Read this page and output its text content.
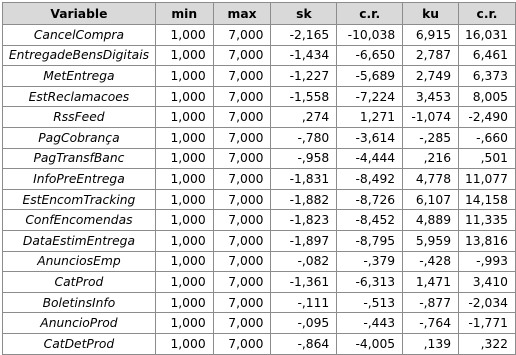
Variable	min	max	sk	c.r.	ku	c.r.
CancelCompra	1,000	7,000	-2,165	-10,038	6,915	16,031
EntregadeBensDigitais	1,000	7,000	-1,434	-6,650	2,787	6,461
MetEntrega	1,000	7,000	-1,227	-5,689	2,749	6,373
EstReclamacoes	1,000	7,000	-1,558	-7,224	3,453	8,005
RssFeed	1,000	7,000	,274	1,271	-1,074	-2,490
PagCobrança	1,000	7,000	-,780	-3,614	-,285	-,660
PagTransfBanc	1,000	7,000	-,958	-4,444	,216	,501
InfoPreEntrega	1,000	7,000	-1,831	-8,492	4,778	11,077
EstEncomTracking	1,000	7,000	-1,882	-8,726	6,107	14,158
ConfEncomendas	1,000	7,000	-1,823	-8,452	4,889	11,335
DataEstimEntrega	1,000	7,000	-1,897	-8,795	5,959	13,816
AnunciosEmp	1,000	7,000	-,082	-,379	-,428	-,993
CatProd	1,000	7,000	-1,361	-6,313	1,471	3,410
BoletinsInfo	1,000	7,000	-,111	-,513	-,877	-2,034
AnuncioProd	1,000	7,000	-,095	-,443	-,764	-1,771
CatDetProd	1,000	7,000	-,864	-4,005	,139	,322
